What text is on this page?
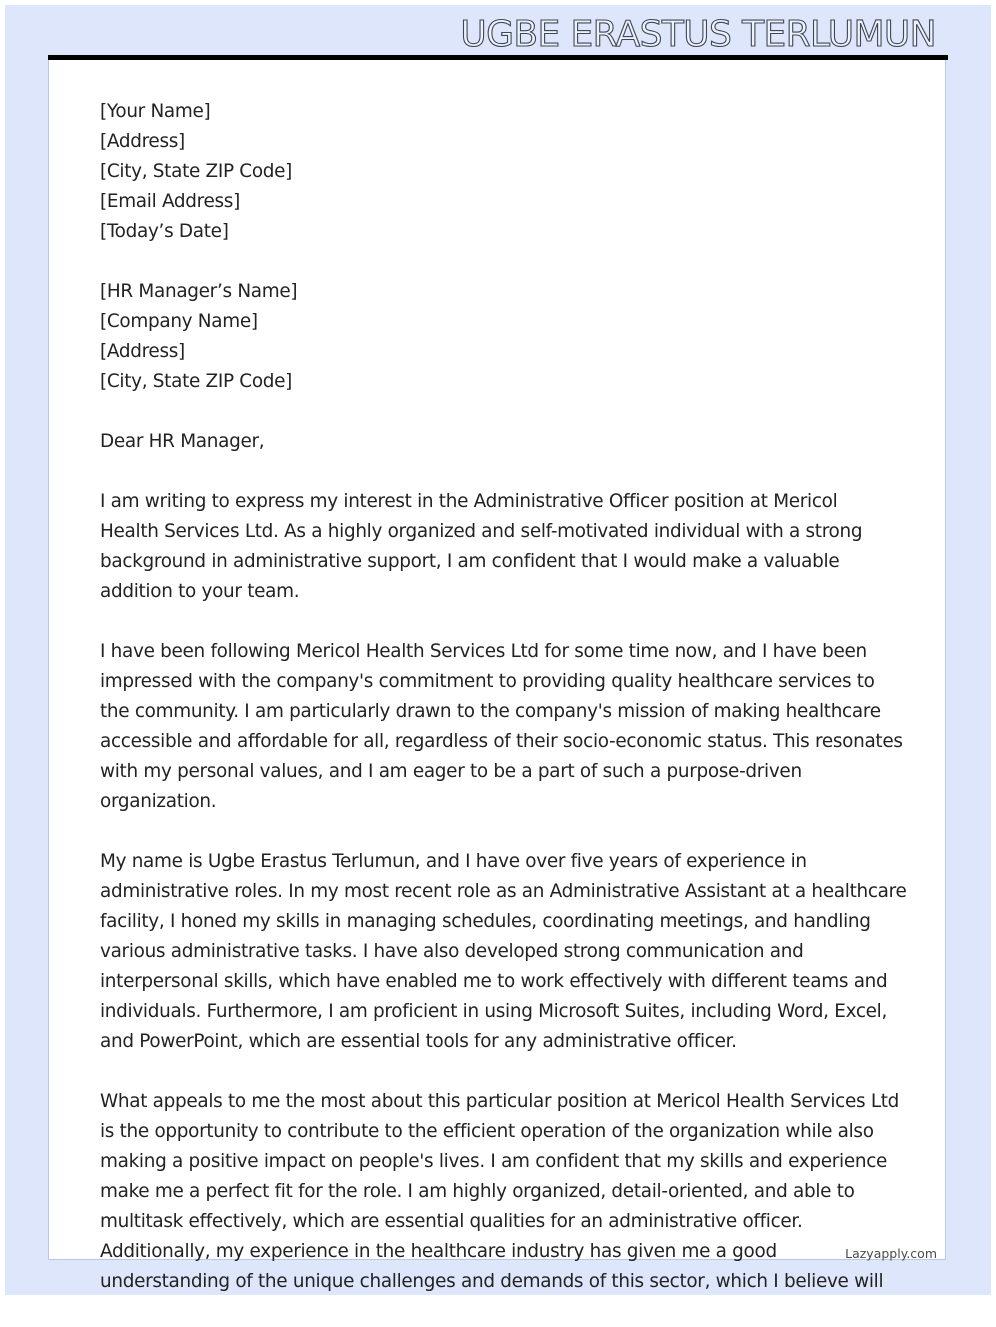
UGBE ERASTUS TERLUMUN
[Your Name]
[Address]
[City, State ZIP Code]
[Email Address]
[Today’s Date]
[HR Manager’s Name]
[Company Name]
[Address]
[City, State ZIP Code]
Dear HR Manager,
I am writing to express my interest in the Administrative Officer position at Mericol
Health Services Ltd. As a highly organized and self-motivated individual with a strong
background in administrative support, I am confident that I would make a valuable
addition to your team.
I have been following Mericol Health Services Ltd for some time now, and I have been
impressed with the company's commitment to providing quality healthcare services to
the community. I am particularly drawn to the company's mission of making healthcare
accessible and affordable for all, regardless of their socio-economic status. This resonates
with my personal values, and I am eager to be a part of such a purpose-driven
organization.
My name is Ugbe Erastus Terlumun, and I have over five years of experience in
administrative roles. In my most recent role as an Administrative Assistant at a healthcare
facility, I honed my skills in managing schedules, coordinating meetings, and handling
various administrative tasks. I have also developed strong communication and
interpersonal skills, which have enabled me to work effectively with different teams and
individuals. Furthermore, I am proficient in using Microsoft Suites, including Word, Excel,
and PowerPoint, which are essential tools for any administrative officer.
What appeals to me the most about this particular position at Mericol Health Services Ltd
is the opportunity to contribute to the efficient operation of the organization while also
making a positive impact on people's lives. I am confident that my skills and experience
make me a perfect fit for the role. I am highly organized, detail-oriented, and able to
multitask effectively, which are essential qualities for an administrative officer.
Additionally, my experience in the healthcare industry has given me a good
understanding of the unique challenges and demands of this sector, which I believe will
Lazyapply.com
